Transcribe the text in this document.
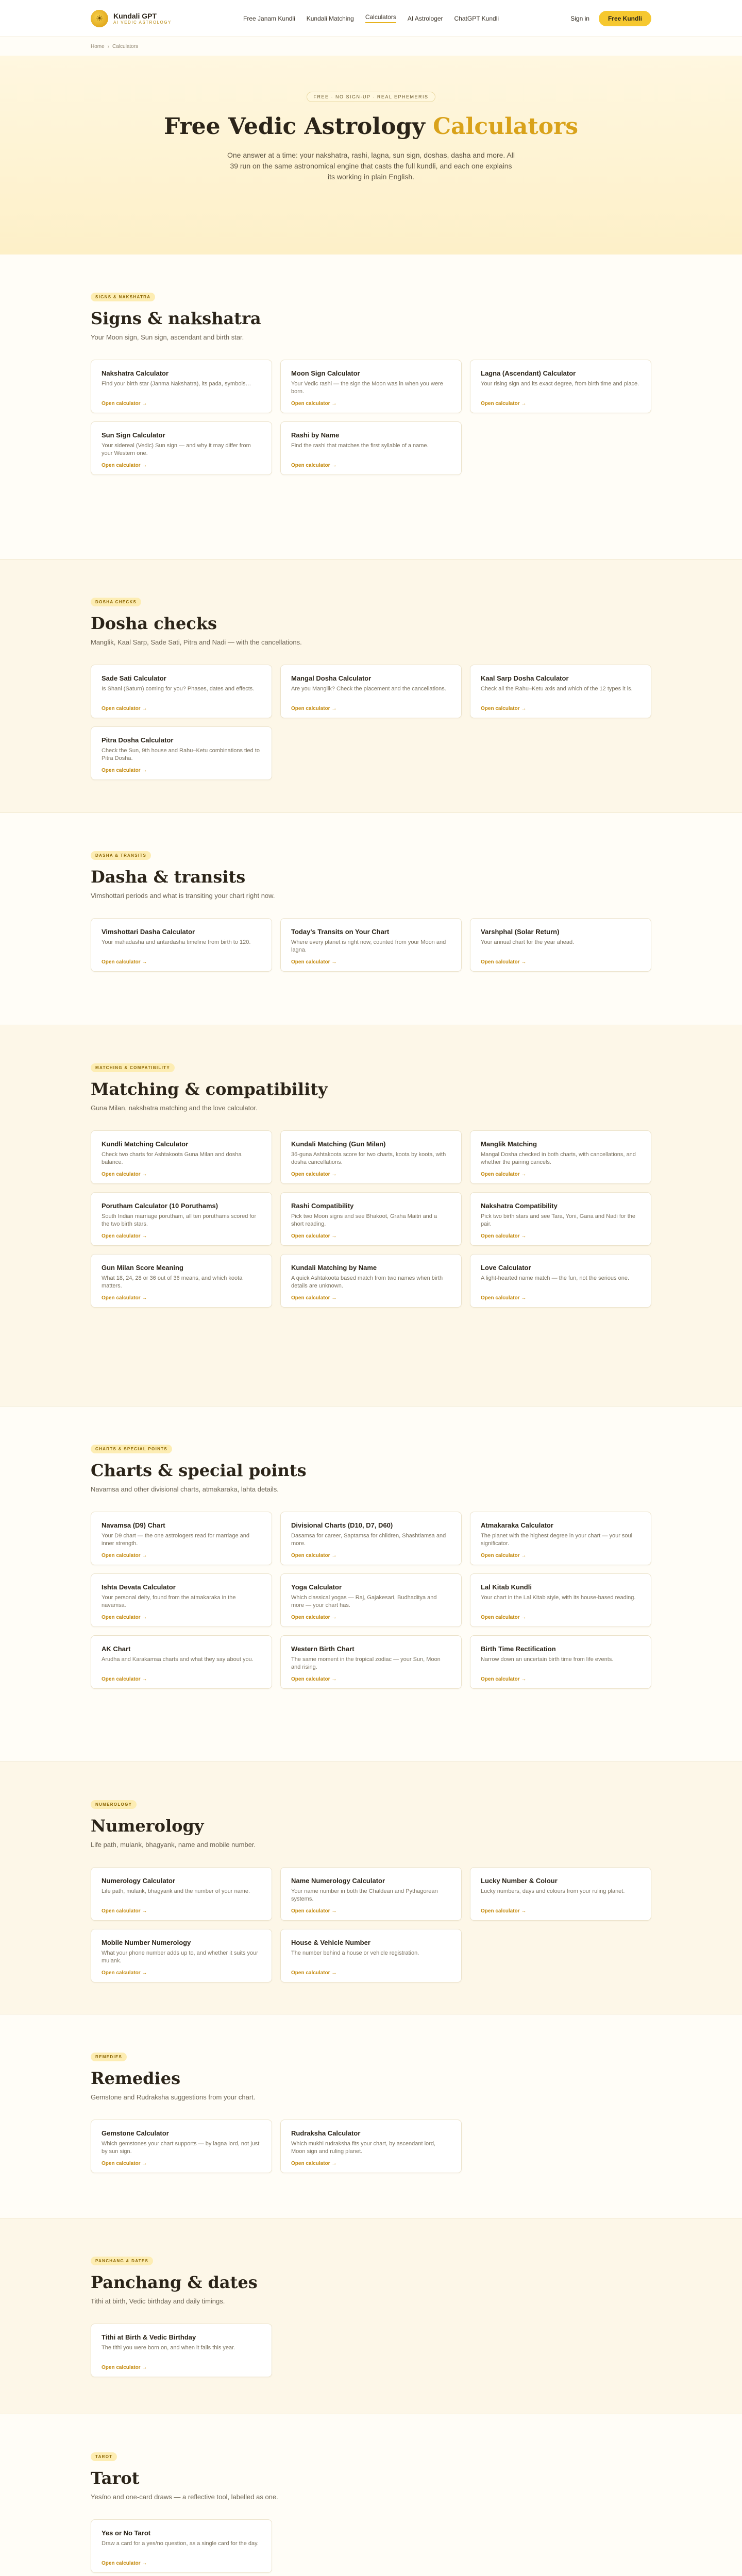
☀	Kundali GPT
AI VEDIC ASTROLOGY
Free Janam Kundli Kundali Matching Calculators AI Astrologer ChatGPT Kundli	Sign in	Free Kundli
Home › Calculators
FREE · NO SIGN-UP · REAL EPHEMERIS
Free Vedic Astrology Calculators

One answer at a time: your nakshatra, rashi, lagna, sun sign, doshas, dasha and more. All 39 run on the same astronomical engine that casts the full kundli, and each one explains its working in plain English.

SIGNS & NAKSHATRA
Signs & nakshatra

Your Moon sign, Sun sign, ascendant and birth star.

Nakshatra Calculator

Find your birth star (Janma Nakshatra), its pada, symbols…

Open calculator →
Moon Sign Calculator

Your Vedic rashi — the sign the Moon was in when you were born.

Open calculator →
Lagna (Ascendant) Calculator

Your rising sign and its exact degree, from birth time and place.

Open calculator →
Sun Sign Calculator

Your sidereal (Vedic) Sun sign — and why it may differ from your Western one.

Open calculator →
Rashi by Name

Find the rashi that matches the first syllable of a name.

Open calculator →
DOSHA CHECKS
Dosha checks

Manglik, Kaal Sarp, Sade Sati, Pitra and Nadi — with the cancellations.

Sade Sati Calculator

Is Shani (Saturn) coming for you? Phases, dates and effects.

Open calculator →
Mangal Dosha Calculator

Are you Manglik? Check the placement and the cancellations.

Open calculator →
Kaal Sarp Dosha Calculator

Check all the Rahu–Ketu axis and which of the 12 types it is.

Open calculator →
Pitra Dosha Calculator

Check the Sun, 9th house and Rahu–Ketu combinations tied to Pitra Dosha.

Open calculator →
DASHA & TRANSITS
Dasha & transits

Vimshottari periods and what is transiting your chart right now.

Vimshottari Dasha Calculator

Your mahadasha and antardasha timeline from birth to 120.

Open calculator →
Today's Transits on Your Chart

Where every planet is right now, counted from your Moon and lagna.

Open calculator →
Varshphal (Solar Return)

Your annual chart for the year ahead.

Open calculator →
MATCHING & COMPATIBILITY
Matching & compatibility

Guna Milan, nakshatra matching and the love calculator.

Kundli Matching Calculator

Check two charts for Ashtakoota Guna Milan and dosha balance.

Open calculator →
Kundali Matching (Gun Milan)

36-guna Ashtakoota score for two charts, koota by koota, with dosha cancellations.

Open calculator →
Manglik Matching

Mangal Dosha checked in both charts, with cancellations, and whether the pairing cancels.

Open calculator →
Porutham Calculator (10 Poruthams)

South Indian marriage porutham, all ten poruthams scored for the two birth stars.

Open calculator →
Rashi Compatibility

Pick two Moon signs and see Bhakoot, Graha Maitri and a short reading.

Open calculator →
Nakshatra Compatibility

Pick two birth stars and see Tara, Yoni, Gana and Nadi for the pair.

Open calculator →
Gun Milan Score Meaning

What 18, 24, 28 or 36 out of 36 means, and which koota matters.

Open calculator →
Kundali Matching by Name

A quick Ashtakoota based match from two names when birth details are unknown.

Open calculator →
Love Calculator

A light-hearted name match — the fun, not the serious one.

Open calculator →
CHARTS & SPECIAL POINTS
Charts & special points

Navamsa and other divisional charts, atmakaraka, lahta details.

Navamsa (D9) Chart

Your D9 chart — the one astrologers read for marriage and inner strength.

Open calculator →
Divisional Charts (D10, D7, D60)

Dasamsa for career, Saptamsa for children, Shashtiamsa and more.

Open calculator →
Atmakaraka Calculator

The planet with the highest degree in your chart — your soul significator.

Open calculator →
Ishta Devata Calculator

Your personal deity, found from the atmakaraka in the navamsa.

Open calculator →
Yoga Calculator

Which classical yogas — Raj, Gajakesari, Budhaditya and more — your chart has.

Open calculator →
Lal Kitab Kundli

Your chart in the Lal Kitab style, with its house-based reading.

Open calculator →
AK Chart

Arudha and Karakamsa charts and what they say about you.

Open calculator →
Western Birth Chart

The same moment in the tropical zodiac — your Sun, Moon and rising.

Open calculator →
Birth Time Rectification

Narrow down an uncertain birth time from life events.

Open calculator →
NUMEROLOGY
Numerology

Life path, mulank, bhagyank, name and mobile number.

Numerology Calculator

Life path, mulank, bhagyank and the number of your name.

Open calculator →
Name Numerology Calculator

Your name number in both the Chaldean and Pythagorean systems.

Open calculator →
Lucky Number & Colour

Lucky numbers, days and colours from your ruling planet.

Open calculator →
Mobile Number Numerology

What your phone number adds up to, and whether it suits your mulank.

Open calculator →
House & Vehicle Number

The number behind a house or vehicle registration.

Open calculator →
REMEDIES
Remedies

Gemstone and Rudraksha suggestions from your chart.

Gemstone Calculator

Which gemstones your chart supports — by lagna lord, not just by sun sign.

Open calculator →
Rudraksha Calculator

Which mukhi rudraksha fits your chart, by ascendant lord, Moon sign and ruling planet.

Open calculator →
PANCHANG & DATES
Panchang & dates

Tithi at birth, Vedic birthday and daily timings.

Tithi at Birth & Vedic Birthday

The tithi you were born on, and when it falls this year.

Open calculator →
TAROT
Tarot

Yes/no and one-card draws — a reflective tool, labelled as one.

Yes or No Tarot

Draw a card for a yes/no question, as a single card for the day.

Open calculator →
